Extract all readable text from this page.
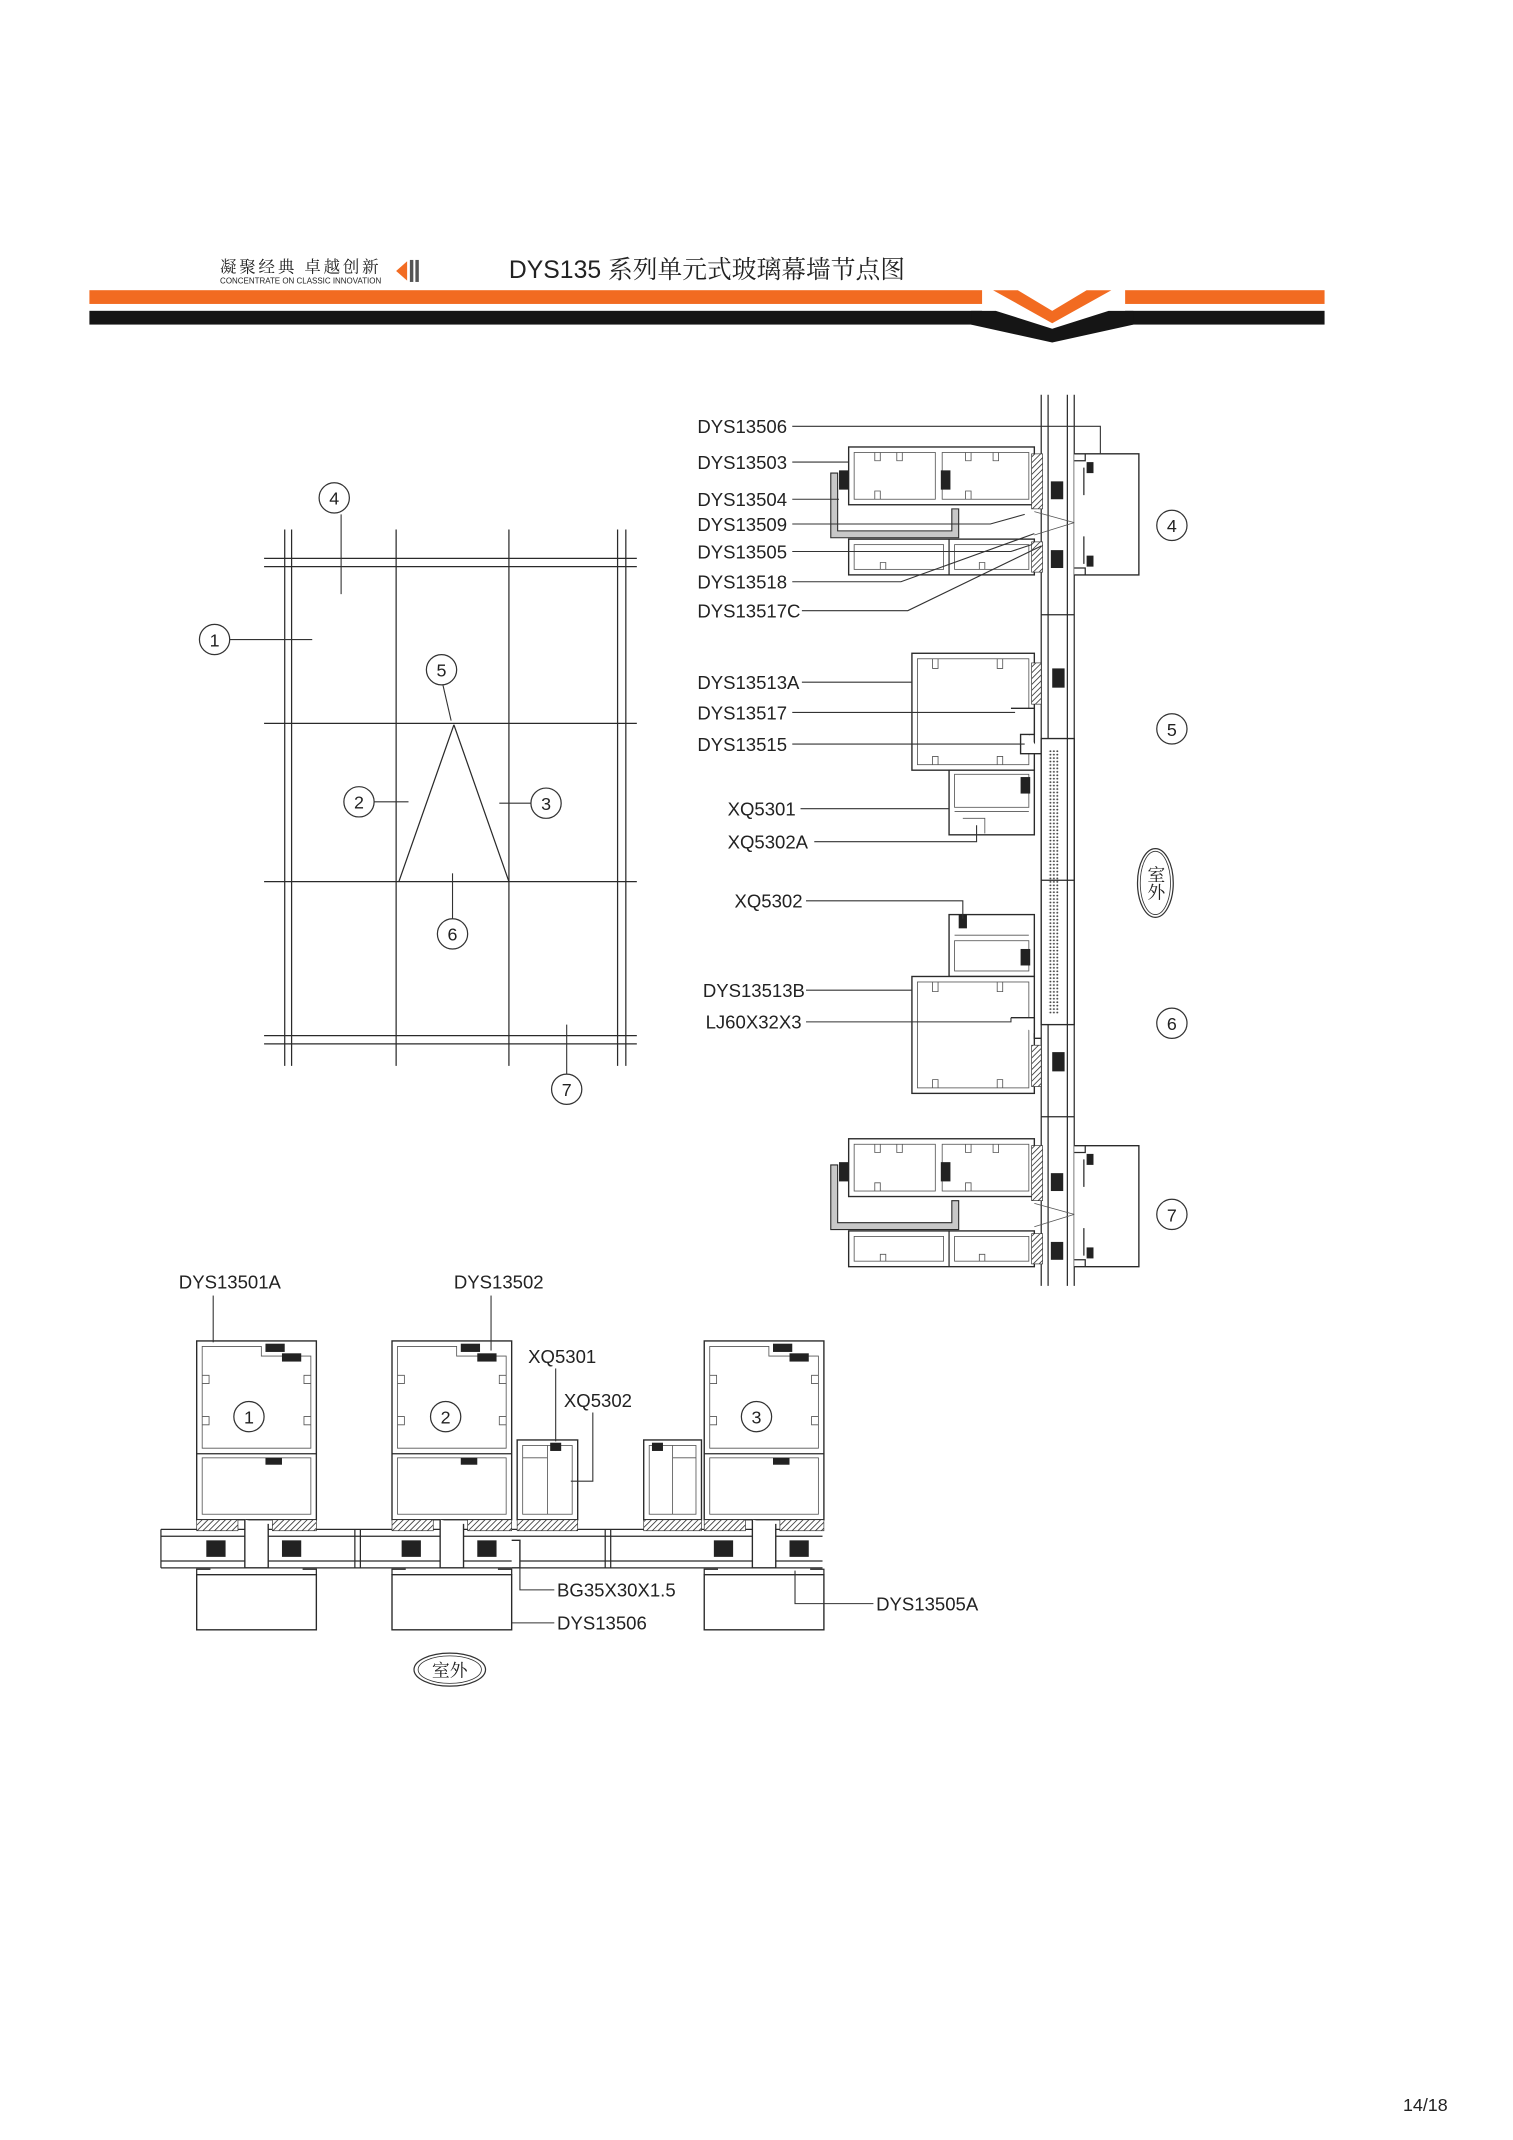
凝聚经典 卓越创新
CONCENTRATE ON CLASSIC INNOVATION	DYS135 系列单元式玻璃幕墙节点图
4
1
5
2	3
6
7
DYS13506
DYS13503
DYS13504
DYS13509
DYS13505
DYS13518
DYS13517C
DYS13513A
DYS13517
DYS13515
XQ5301
XQ5302A
XQ5302
DYS13513B
LJ60X32X3
4
5
6
7
室外
DYS13501A	DYS13502
XQ5301
XQ5302
BG35X30X1.5
DYS13506
DYS13505A
1	2	3
室外
14/18
